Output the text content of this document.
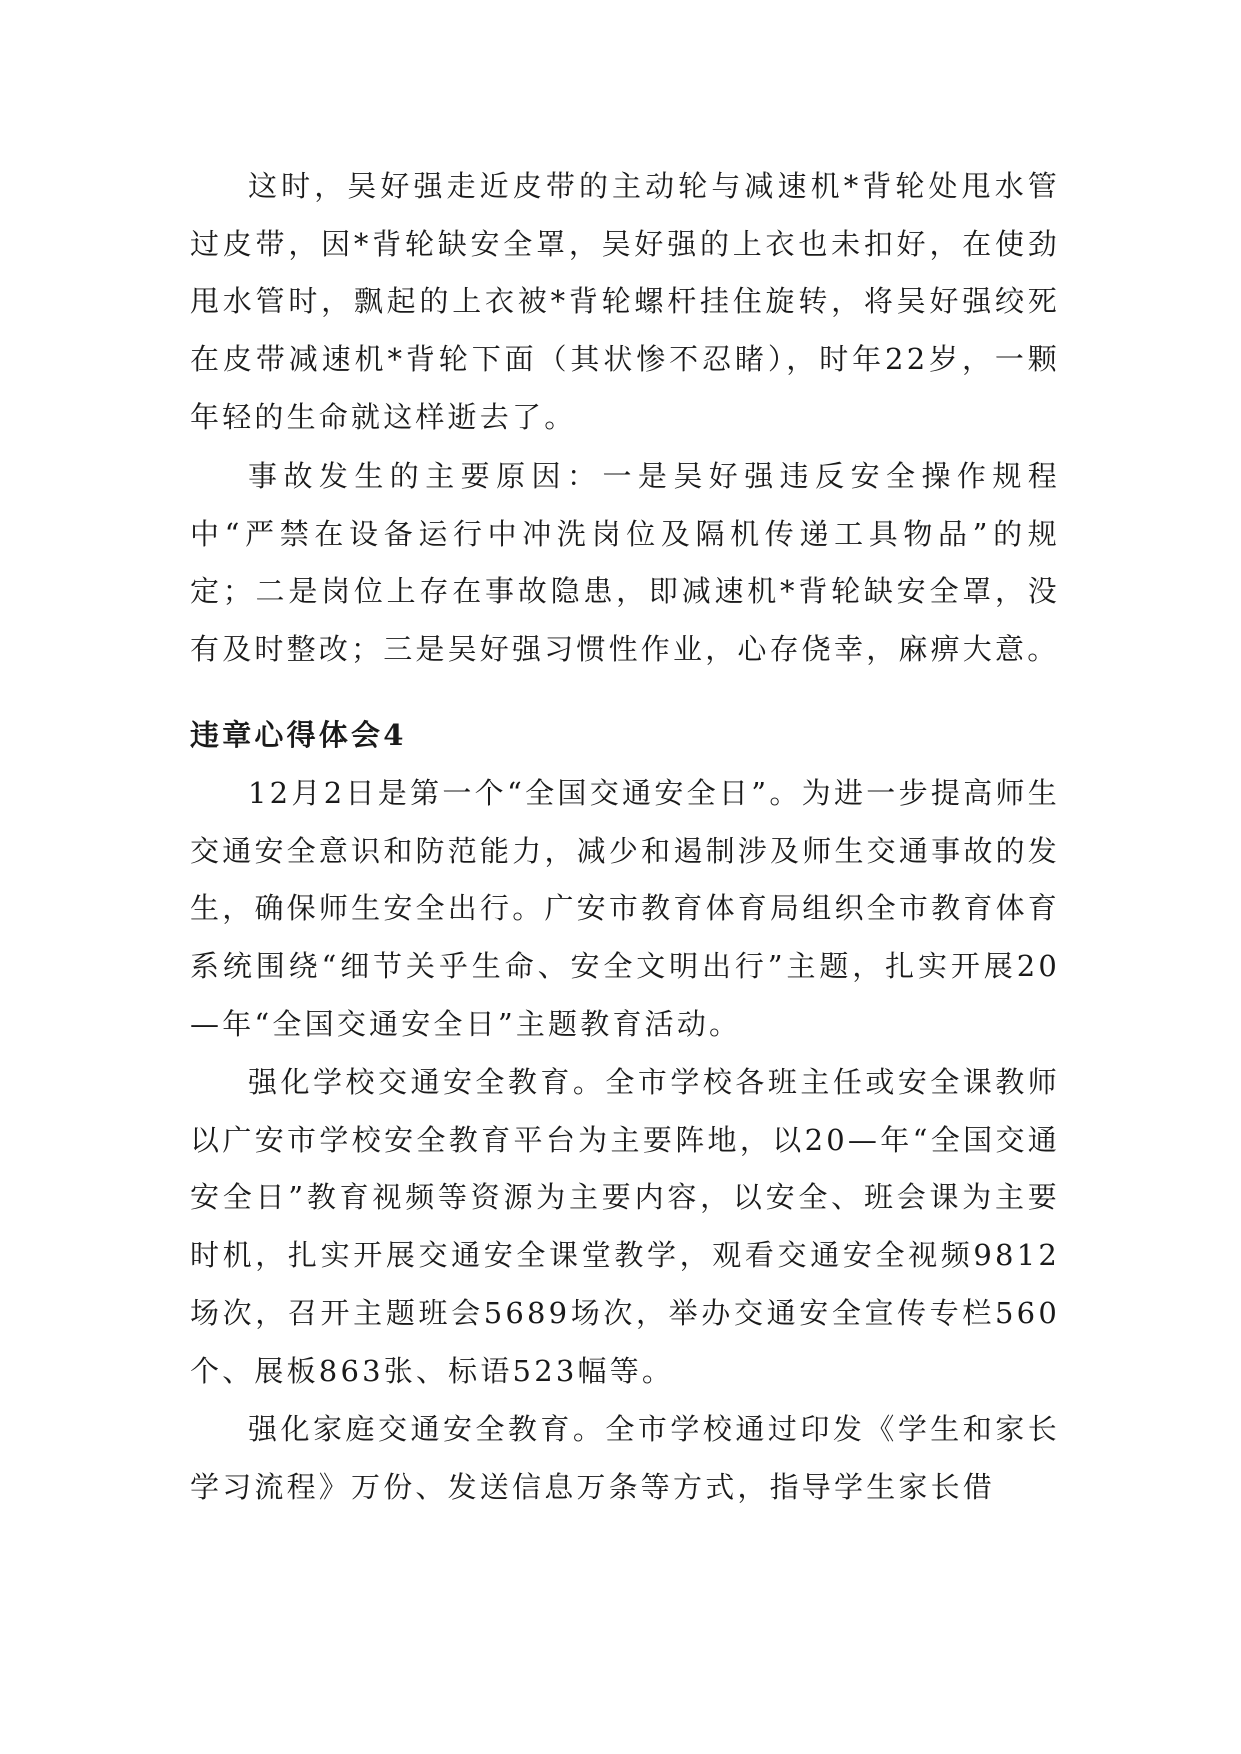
这时，吴好强走近皮带的主动轮与减速机*背轮处甩水管过皮带，因*背轮缺安全罩，吴好强的上衣也未扣好，在使劲甩水管时，飘起的上衣被*背轮螺杆挂住旋转，将吴好强绞死在皮带减速机*背轮下面（其状惨不忍睹），时年22岁，一颗年轻的生命就这样逝去了。

事故发生的主要原因：一是吴好强违反安全操作规程中“严禁在设备运行中冲洗岗位及隔机传递工具物品”的规定；二是岗位上存在事故隐患，即减速机*背轮缺安全罩，没有及时整改；三是吴好强习惯性作业，心存侥幸，麻痹大意。

违章心得体会4

12月2日是第一个“全国交通安全日”。为进一步提高师生交通安全意识和防范能力，减少和遏制涉及师生交通事故的发生，确保师生安全出行。广安市教育体育局组织全市教育体育系统围绕“细节关乎生命、安全文明出行”主题，扎实开展20—年“全国交通安全日”主题教育活动。

强化学校交通安全教育。全市学校各班主任或安全课教师以广安市学校安全教育平台为主要阵地，以20—年“全国交通安全日”教育视频等资源为主要内容，以安全、班会课为主要时机，扎实开展交通安全课堂教学，观看交通安全视频9812场次，召开主题班会5689场次，举办交通安全宣传专栏560个、展板863张、标语523幅等。

强化家庭交通安全教育。全市学校通过印发《学生和家长学习流程》万份、发送信息万条等方式，指导学生家长借
